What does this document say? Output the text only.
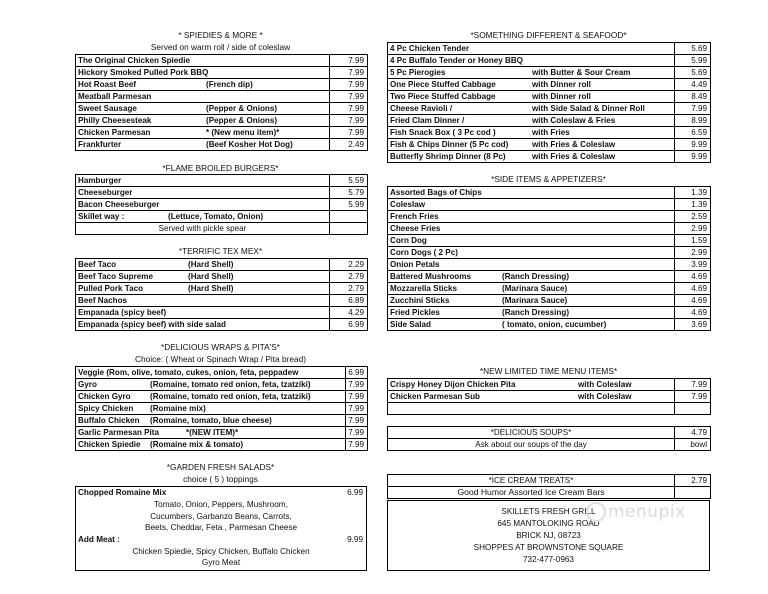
* SPIEDIES & MORE *
Served on warm roll / side of coleslaw
The Original Chicken Spiedie	7.99
Hickory Smoked Pulled Pork BBQ	7.99
Hot Roast Beef (French dip)	7.99
Meatball Parmesan	7.99
Sweet Sausage (Pepper & Onions)	7.99
Philly Cheesesteak (Pepper & Onions)	7.99
Chicken Parmesan * (New menu item)*	7.99
Frankfurter (Beef Kosher Hot Dog)	2.49
*FLAME BROILED BURGERS*
Hamburger	5.59
Cheeseburger	5.79
Bacon Cheeseburger	5.99
Skillet way : (Lettuce, Tomato, Onion)	

Served with pickle spear	
*TERRIFIC TEX MEX*
Beef Taco (Hard Shell)	2.29
Beef Taco Supreme (Hard Shell)	2.79
Pulled Pork Taco (Hard Shell)	2.79
Beef Nachos	6.89
Empanada (spicy beef)	4.29
Empanada (spicy beef) with side salad	6.99
*DELICIOUS WRAPS & PITA'S*
Choice: ( Wheat or Spinach Wrap / Pita bread)
Veggie (Rom, olive, tomato, cukes, onion, feta, peppadew	6.99
Gyro (Romaine, tomato red onion, feta, tzatziki)	7.99
Chicken Gyro (Romaine, tomato red onion, feta, tzatziki)	7.99
Spicy Chicken (Romaine mix)	7.99
Buffalo Chicken (Romaine, tomato, blue cheese)	7.99
Garlic Parmesan Pita *(NEW ITEM)*	7.99
Chicken Spiedie (Romaine mix & tomato)	7.99
*GARDEN FRESH SALADS*
choice ( 5 ) toppings
Chopped Romaine Mix	6.99
Tomato, Onion, Peppers, Mushroom,
Cucumbers, Garbanzo Beans, Carrots,
Beets, Cheddar, Feta , Parmesan Cheese
Add Meat :	9.99
Chicken Spiedie, Spicy Chicken, Buffalo Chicken
Gyro Meat
*SOMETHING DIFFERENT & SEAFOOD*
4 Pc Chicken Tender	5.69
4 Pc Buffalo Tender or Honey BBQ	5.99
5 Pc Pierogies with Butter & Sour Cream	5.69
One Piece Stuffed Cabbage with Dinner roll	4.49
Two Piece Stuffed Cabbage with Dinner roll	8.49
Cheese Ravioli / with Side Salad & Dinner Roll	7.99
Fried Clam Dinner / with Coleslaw & Fries	8.99
Fish Snack Box ( 3 Pc cod ) with Fries	6.59
Fish & Chips Dinner (5 Pc cod) with Fries & Coleslaw	9.99
Butterfly Shrimp Dinner (8 Pc) with Fries & Coleslaw	9.99
*SIDE ITEMS & APPETIZERS*
Assorted Bags of Chips	1.39
Coleslaw	1.39
French Fries	2.59
Cheese Fries	2.99
Corn Dog	1.59
Corn Dogs ( 2 Pc)	2.99
Onion Petals	3.99
Battered Mushrooms (Ranch Dressing)	4.69
Mozzarella Sticks (Marinara Sauce)	4.69
Zucchini Sticks (Marinara Sauce)	4.69
Fried Pickles (Ranch Dressing)	4.69
Side Salad ( tomato, onion, cucumber)	3.69
*NEW LIMITED TIME MENU ITEMS*
Crispy Honey Dijon Chicken Pita with Coleslaw	7.99
Chicken Parmesan Sub with Coleslaw	7.99

*DELICIOUS SOUPS*	4.79
Ask about our soups of the day	bowl
*ICE CREAM TREATS*	2.79
Good Humor Assorted Ice Cream Bars	
SKILLETS FRESH GRILL
645 MANTOLOKING ROAD
BRICK NJ, 08723
SHOPPES AT BROWNSTONE SQUARE
732-477-0963
menupix
